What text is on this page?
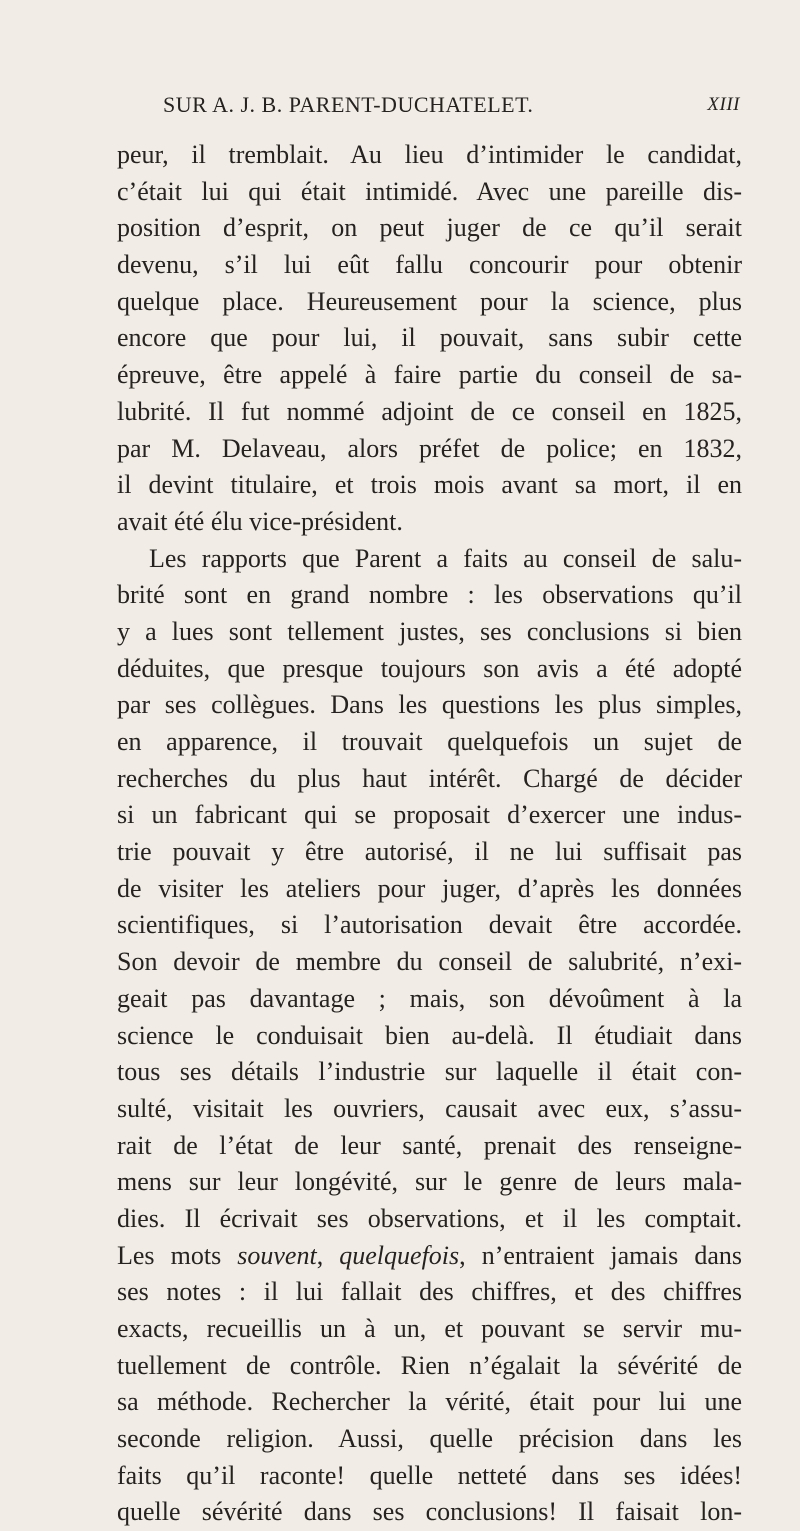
SUR A. J. B. PARENT-DUCHATELET.	XIII
peur, il tremblait. Au lieu d’intimider le candidat,
c’était lui qui était intimidé. Avec une pareille dis-
position d’esprit, on peut juger de ce qu’il serait
devenu, s’il lui eût fallu concourir pour obtenir
quelque place. Heureusement pour la science, plus
encore que pour lui, il pouvait, sans subir cette
épreuve, être appelé à faire partie du conseil de sa-
lubrité. Il fut nommé adjoint de ce conseil en 1825,
par M. Delaveau, alors préfet de police; en 1832,
il devint titulaire, et trois mois avant sa mort, il en
avait été élu vice-président.
Les rapports que Parent a faits au conseil de salu-
brité sont en grand nombre : les observations qu’il
y a lues sont tellement justes, ses conclusions si bien
déduites, que presque toujours son avis a été adopté
par ses collègues. Dans les questions les plus simples,
en apparence, il trouvait quelquefois un sujet de
recherches du plus haut intérêt. Chargé de décider
si un fabricant qui se proposait d’exercer une indus-
trie pouvait y être autorisé, il ne lui suffisait pas
de visiter les ateliers pour juger, d’après les données
scientifiques, si l’autorisation devait être accordée.
Son devoir de membre du conseil de salubrité, n’exi-
geait pas davantage ; mais, son dévoûment à la
science le conduisait bien au-delà. Il étudiait dans
tous ses détails l’industrie sur laquelle il était con-
sulté, visitait les ouvriers, causait avec eux, s’assu-
rait de l’état de leur santé, prenait des renseigne-
mens sur leur longévité, sur le genre de leurs mala-
dies. Il écrivait ses observations, et il les comptait.
Les mots souvent, quelquefois, n’entraient jamais dans
ses notes : il lui fallait des chiffres, et des chiffres
exacts, recueillis un à un, et pouvant se servir mu-
tuellement de contrôle. Rien n’égalait la sévérité de
sa méthode. Rechercher la vérité, était pour lui une
seconde religion. Aussi, quelle précision dans les
faits qu’il raconte! quelle netteté dans ses idées!
quelle sévérité dans ses conclusions! Il faisait lon-
